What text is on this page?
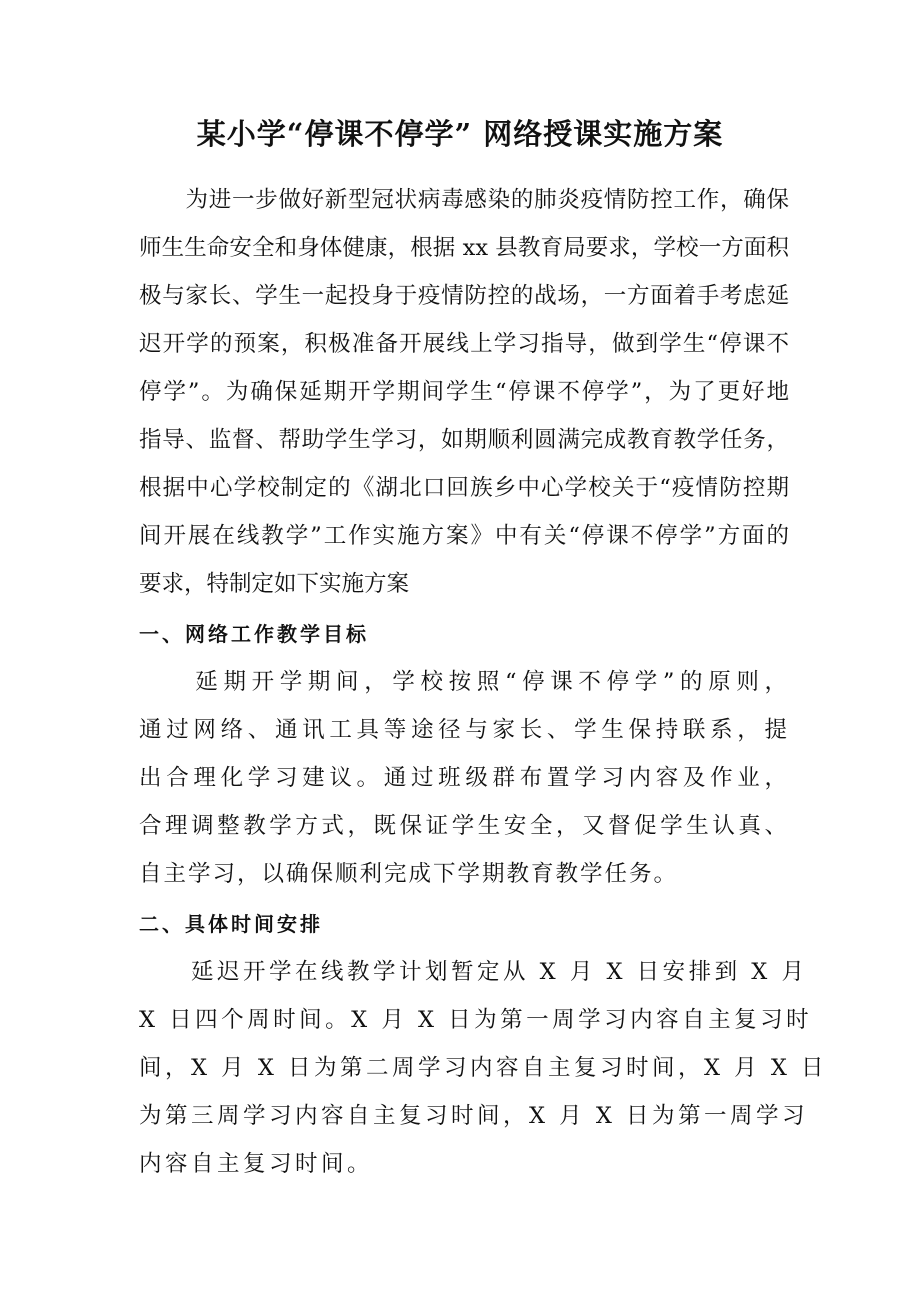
某小学“停课不停学” 网络授课实施方案
　　为进一步做好新型冠状病毒感染的肺炎疫情防控工作，确保
师生生命安全和身体健康，根据 xx 县教育局要求，学校一方面积
极与家长、学生一起投身于疫情防控的战场，一方面着手考虑延
迟开学的预案，积极准备开展线上学习指导，做到学生“停课不
停学”。为确保延期开学期间学生“停课不停学”，为了更好地
指导、监督、帮助学生学习，如期顺利圆满完成教育教学任务，
根据中心学校制定的《湖北口回族乡中心学校关于“疫情防控期
间开展在线教学”工作实施方案》中有关“停课不停学”方面的
要求，特制定如下实施方案
一、网络工作教学目标
　　延期开学期间，学校按照“停课不停学”的原则，
通过网络、通讯工具等途径与家长、学生保持联系，提
出合理化学习建议。通过班级群布置学习内容及作业，
合理调整教学方式，既保证学生安全，又督促学生认真、
自主学习，以确保顺利完成下学期教育教学任务。
二、具体时间安排
　　延迟开学在线教学计划暂定从 X 月 X 日安排到 X 月
X 日四个周时间。X 月 X 日为第一周学习内容自主复习时
间，X 月 X 日为第二周学习内容自主复习时间，X 月 X 日
为第三周学习内容自主复习时间，X 月 X 日为第一周学习
内容自主复习时间。
